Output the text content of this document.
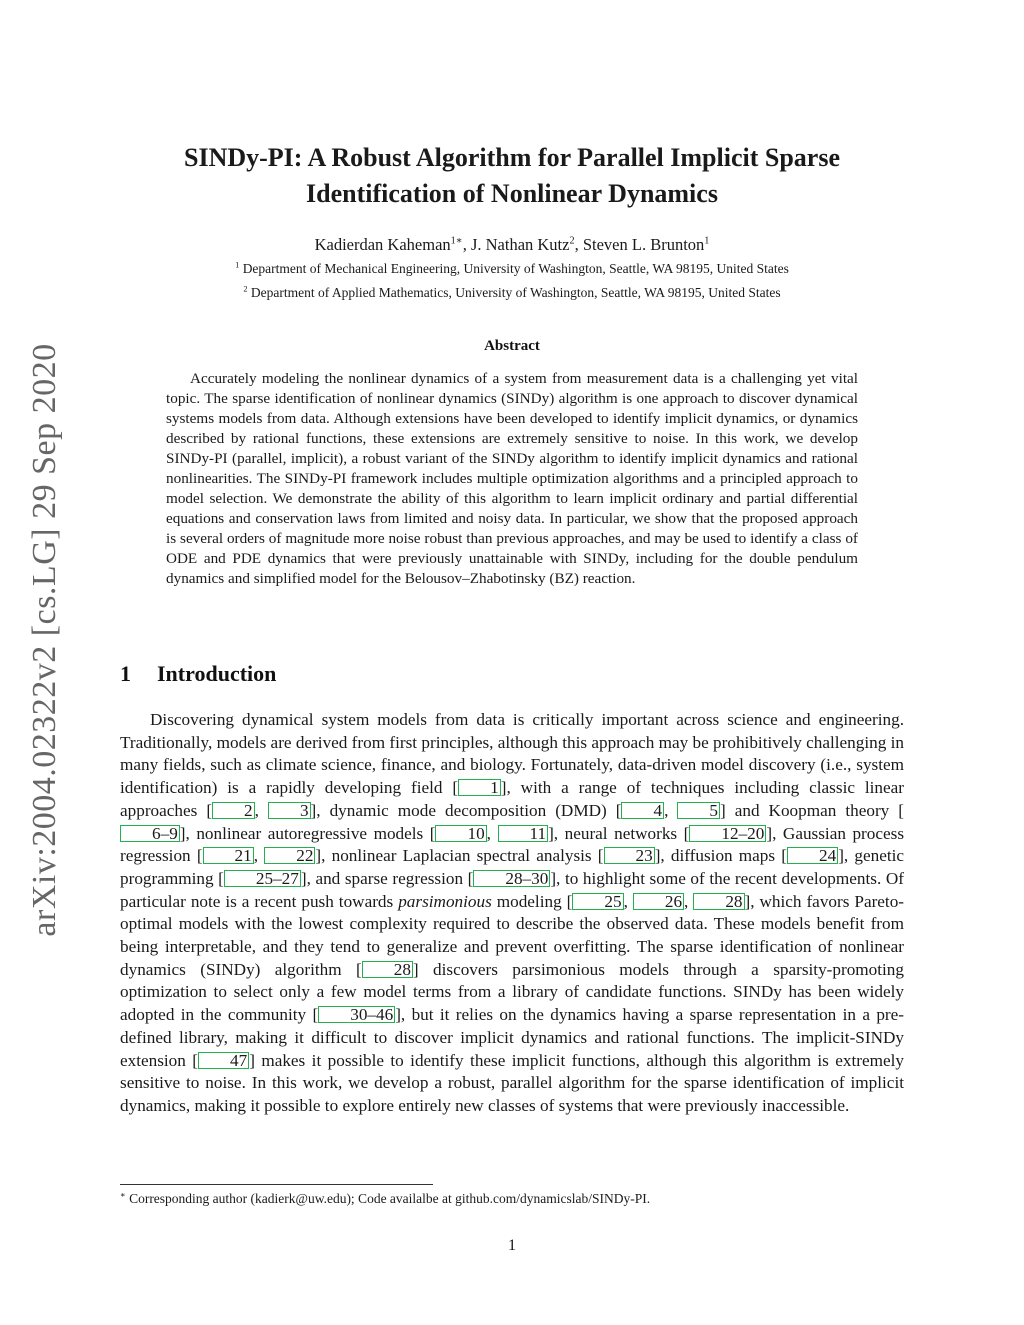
arXiv:2004.02322v2 [cs.LG] 29 Sep 2020
SINDy-PI: A Robust Algorithm for Parallel Implicit Sparse
Identification of Nonlinear Dynamics
Kadierdan Kaheman$^{1∗}$, J. Nathan Kutz$^2$, Steven L. Brunton$^1$
$^1$ Department of Mechanical Engineering, University of Washington, Seattle, WA 98195, United States
$^2$ Department of Applied Mathematics, University of Washington, Seattle, WA 98195, United States
Abstract
Accurately modeling the nonlinear dynamics of a system from measurement data is a challenging yet vital topic. The sparse identification of nonlinear dynamics (SINDy) algorithm is one approach to discover dynamical systems models from data. Although extensions have been developed to identify implicit dynamics, or dynamics described by rational functions, these extensions are extremely sensitive to noise. In this work, we develop SINDy-PI (parallel, implicit), a robust variant of the SINDy algorithm to identify implicit dynamics and rational nonlinearities. The SINDy-PI framework includes multiple optimization algorithms and a principled approach to model selection. We demonstrate the ability of this algorithm to learn implicit ordinary and partial differential equations and conservation laws from limited and noisy data. In particular, we show that the proposed approach is several orders of magnitude more noise robust than previous approaches, and may be used to identify a class of ODE and PDE dynamics that were previously unattainable with SINDy, including for the double pendulum dynamics and simplified model for the Belousov–Zhabotinsky (BZ) reaction.
1 Introduction
Discovering dynamical system models from data is critically important across science and engineering. Traditionally, models are derived from first principles, although this approach may be prohibitively challenging in many fields, such as climate science, finance, and biology. Fortunately, data-driven model discovery (i.e., system identification) is a rapidly developing field [ 1 ], with a range of techniques including classic linear approaches [ 2 , 3 ], dynamic mode decomposition (DMD) [ 4 , 5 ] and Koopman theory [6–9 ], nonlinear autoregressive models [ 10 , 11 ], neural networks [ 12–20 ], Gaussian process regression [ 21 , 22 ], nonlinear Laplacian spectral analysis [ 23 ], diffusion maps [ 24 ], genetic programming [ 25–27 ], and sparse regression [ 28–30 ], to highlight some of the recent developments. Of particular note is a recent push towards parsimonious modeling [ 25 , 26 , 28 ], which favors Pareto-optimal models with the lowest complexity required to describe the observed data. These models benefit from being interpretable, and they tend to generalize and prevent overfitting. The sparse identification of nonlinear dynamics (SINDy) algorithm [ 28 ] discovers parsimonious models through a sparsity-promoting optimization to select only a few model terms from a library of candidate functions. SINDy has been widely adopted in the community [ 30–46 ], but it relies on the dynamics having a sparse representation in a pre-defined library, making it difficult to discover implicit dynamics and rational functions. The implicit-SINDy extension [ 47 ] makes it possible to identify these implicit functions, although this algorithm is extremely sensitive to noise. In this work, we develop a robust, parallel algorithm for the sparse identification of implicit dynamics, making it possible to explore entirely new classes of systems that were previously inaccessible.
∗ Corresponding author (kadierk@uw.edu); Code availalbe at github.com/dynamicslab/SINDy-PI.
1
